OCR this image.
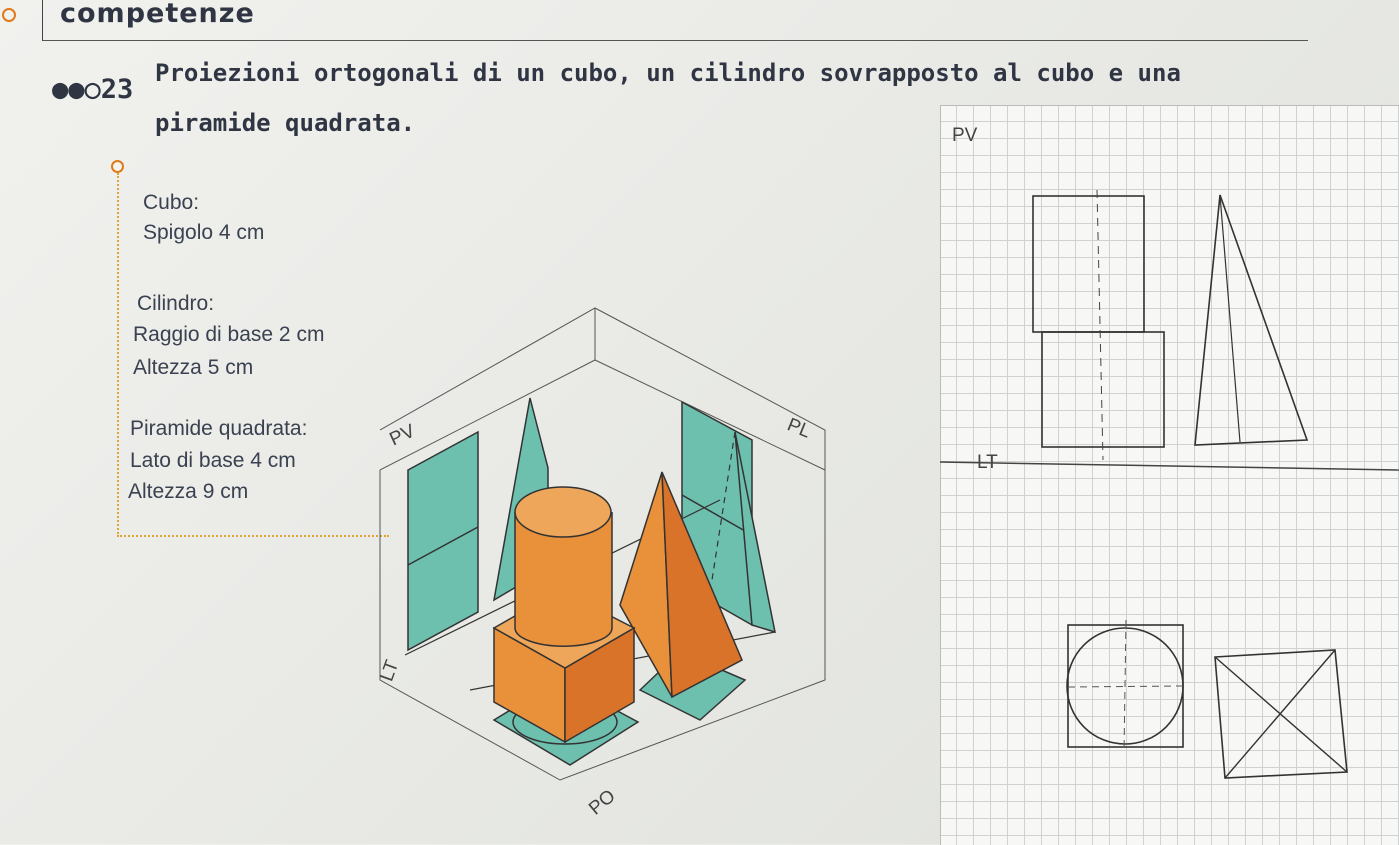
competenze
●●○23
Proiezioni ortogonali di un cubo, un cilindro sovrapposto al cubo e una piramide quadrata.
Cubo:
Spigolo 4 cm
Cilindro:
Raggio di base 2 cm
Altezza 5 cm
Piramide quadrata:
Lato di base 4 cm
Altezza 9 cm
PV	PL
LT
PO
PV
LT
